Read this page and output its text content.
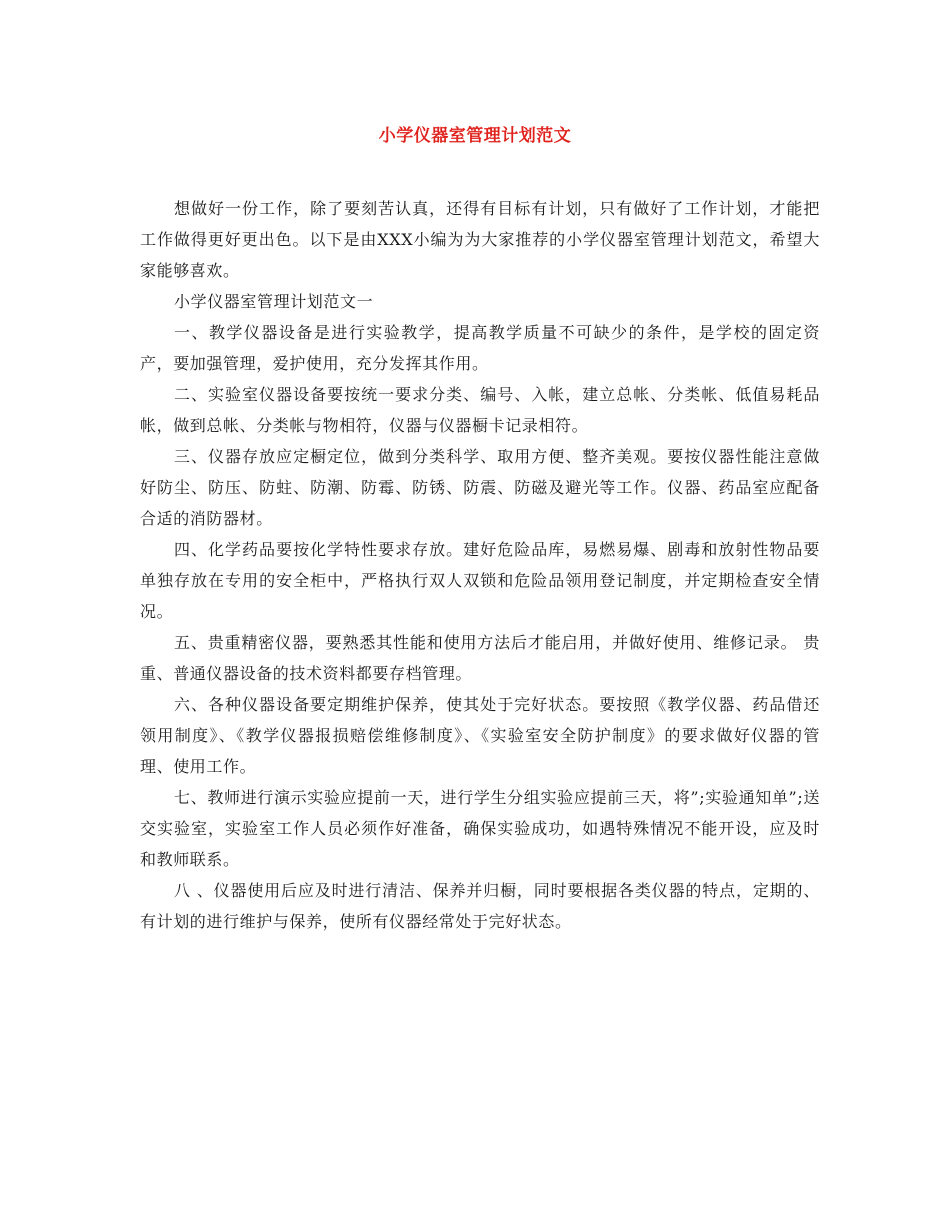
小学仪器室管理计划范文

想做好一份工作，除了要刻苦认真，还得有目标有计划，只有做好了工作计划，才能把工作做得更好更出色。以下是由XXX小编为为大家推荐的小学仪器室管理计划范文，希望大家能够喜欢。

小学仪器室管理计划范文一

一、教学仪器设备是进行实验教学，提高教学质量不可缺少的条件，是学校的固定资产，要加强管理，爱护使用，充分发挥其作用。

二、实验室仪器设备要按统一要求分类、编号、入帐，建立总帐、分类帐、低值易耗品帐，做到总帐、分类帐与物相符，仪器与仪器橱卡记录相符。

三、仪器存放应定橱定位，做到分类科学、取用方便、整齐美观。要按仪器性能注意做好防尘、防压、防蛀、防潮、防霉、防锈、防震、防磁及避光等工作。仪器、药品室应配备合适的消防器材。

四、化学药品要按化学特性要求存放。建好危险品库，易燃易爆、剧毒和放射性物品要单独存放在专用的安全柜中，严格执行双人双锁和危险品领用登记制度，并定期检查安全情况。

五、贵重精密仪器，要熟悉其性能和使用方法后才能启用，并做好使用、维修记录。 贵重、普通仪器设备的技术资料都要存档管理。

六、各种仪器设备要定期维护保养，使其处于完好状态。要按照《教学仪器、药品借还领用制度》、《教学仪器报损赔偿维修制度》、《实验室安全防护制度》的要求做好仪器的管理、使用工作。

七、教师进行演示实验应提前一天，进行学生分组实验应提前三天，将”;实验通知单”;送交实验室，实验室工作人员必须作好准备，确保实验成功，如遇特殊情况不能开设，应及时和教师联系。

八 、仪器使用后应及时进行清洁、保养并归橱，同时要根据各类仪器的特点，定期的、有计划的进行维护与保养，使所有仪器经常处于完好状态。
